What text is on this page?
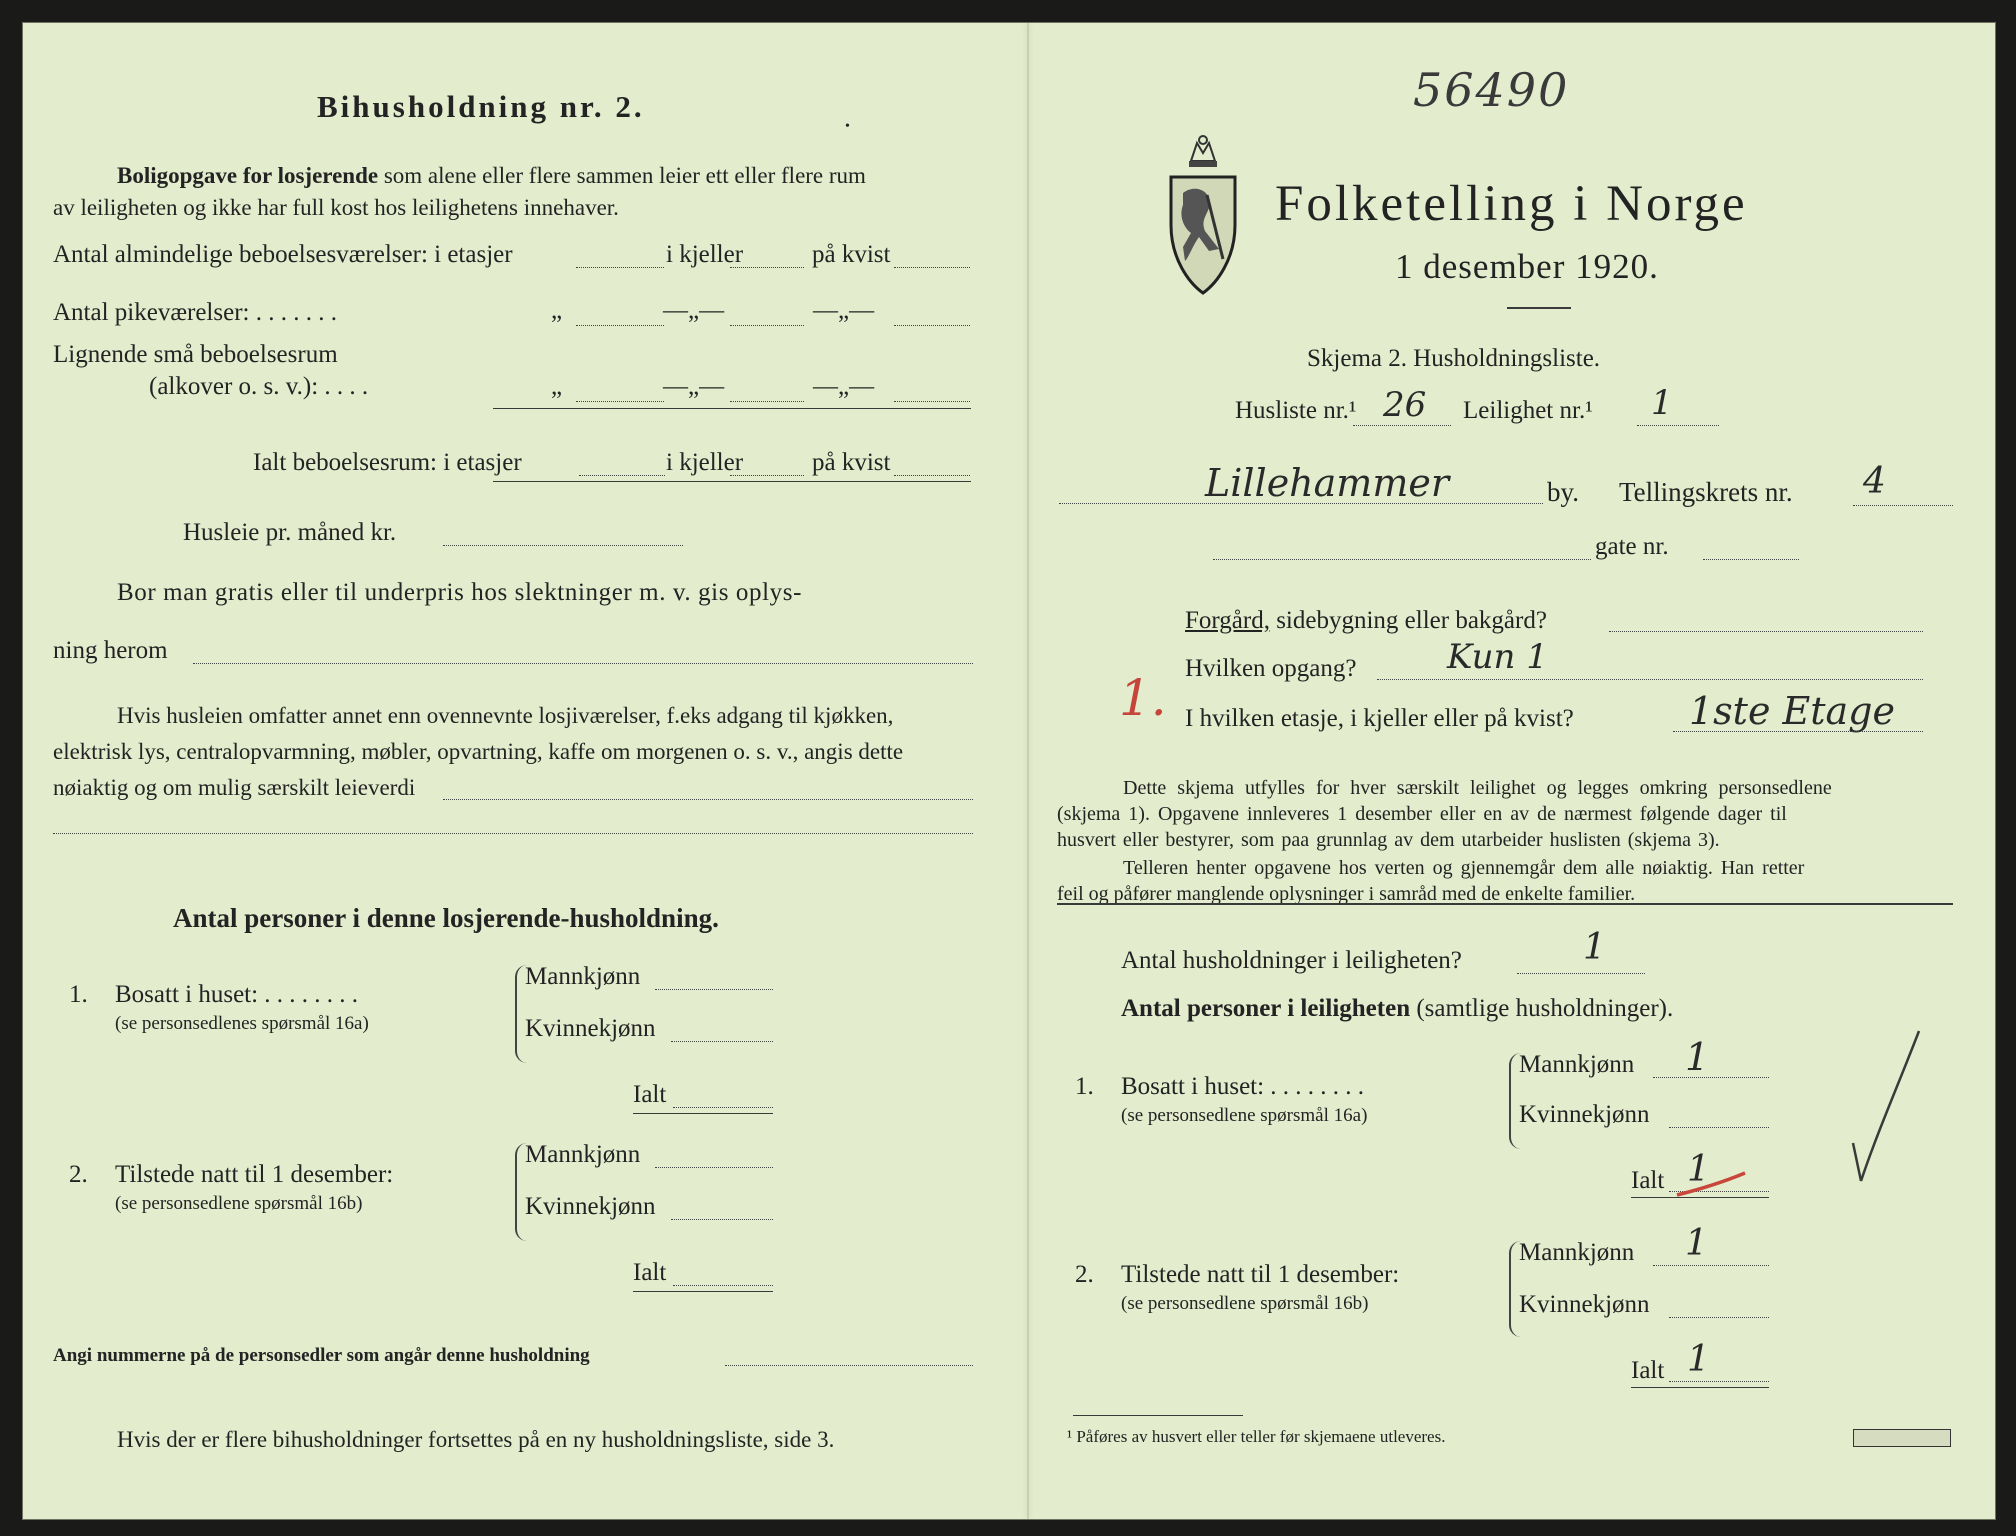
Bihusholdning nr. 2.
•
Boligopgave for losjerende som alene eller flere sammen leier ett eller flere rum
av leiligheten og ikke har full kost hos leilighetens innehaver.
Antal almindelige beboelsesværelser: i etasjer	i kjeller	på kvist
Antal pikeværelser: . . . . . . .	„	—„—	—„—
Lignende små beboelsesrum
(alkover o. s. v.): . . . .	„	—„—	—„—
Ialt beboelsesrum: i etasjer	i kjeller	på kvist
Husleie pr. måned kr.
Bor man gratis eller til underpris hos slektninger m. v. gis oplys-
ning herom
Hvis husleien omfatter annet enn ovennevnte losjiværelser, f.eks adgang til kjøkken,
elektrisk lys, centralopvarmning, møbler, opvartning, kaffe om morgenen o. s. v., angis dette
nøiaktig og om mulig særskilt leieverdi
Antal personer i denne losjerende-husholdning.
1. Bosatt i huset: . . . . . . . .
(se personsedlenes spørsmål 16a)
Mannkjønn
Kvinnekjønn
Ialt
2. Tilstede natt til 1 desember:
(se personsedlene spørsmål 16b)
Mannkjønn
Kvinnekjønn
Ialt
Angi nummerne på de personsedler som angår denne husholdning
Hvis der er flere bihusholdninger fortsettes på en ny husholdningsliste, side 3.
56490
Folketelling i Norge
1 desember 1920.
Skjema 2. Husholdningsliste.
Husliste nr.¹ 26 Leilighet nr.¹ 1
Lillehammer	by. Tellingskrets nr. 4
gate nr.
Forgård, sidebygning eller bakgård?
Hvilken opgang?	Kun 1
1. I hvilken etasje, i kjeller eller på kvist?	1ste Etage
Dette skjema utfylles for hver særskilt leilighet og legges omkring personsedlene
(skjema 1). Opgavene innleveres 1 desember eller en av de nærmest følgende dager til
husvert eller bestyrer, som paa grunnlag av dem utarbeider huslisten (skjema 3).
Telleren henter opgavene hos verten og gjennemgår dem alle nøiaktig. Han retter
feil og påfører manglende oplysninger i samråd med de enkelte familier.
Antal husholdninger i leiligheten?	1
Antal personer i leiligheten (samtlige husholdninger).
1. Bosatt i huset: . . . . . . . .
(se personsedlene spørsmål 16a)
Mannkjønn 1
Kvinnekjønn
Ialt 1
2. Tilstede natt til 1 desember:
(se personsedlene spørsmål 16b)
Mannkjønn 1
Kvinnekjønn
Ialt 1
¹ Påføres av husvert eller teller før skjemaene utleveres.
